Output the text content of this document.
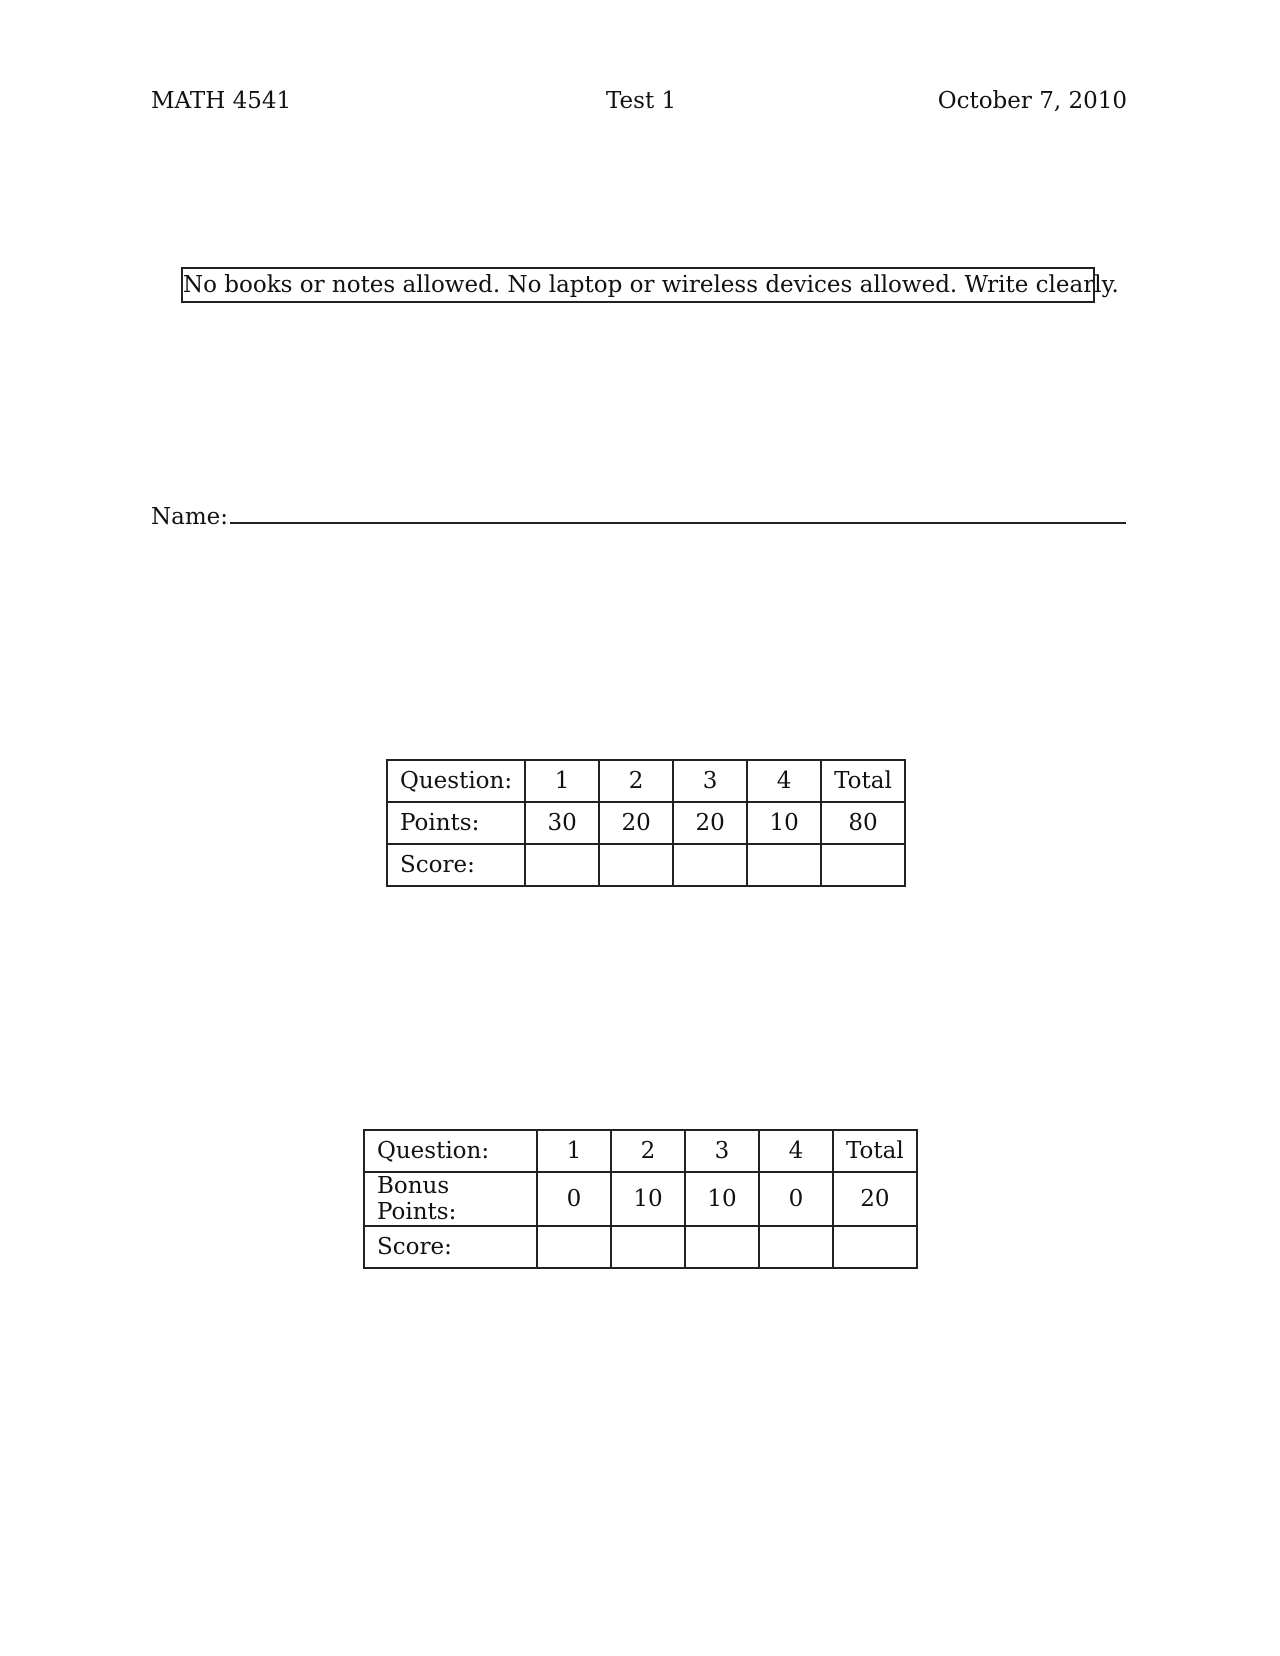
MATH 4541	Test 1	October 7, 2010
No books or notes allowed. No laptop or wireless devices allowed. Write clearly.
Name:
Question:	1	2	3	4	Total
Points:	30	20	20	10	80
Score:					
Question:	1	2	3	4	Total
Bonus Points:	0	10	10	0	20
Score:					
